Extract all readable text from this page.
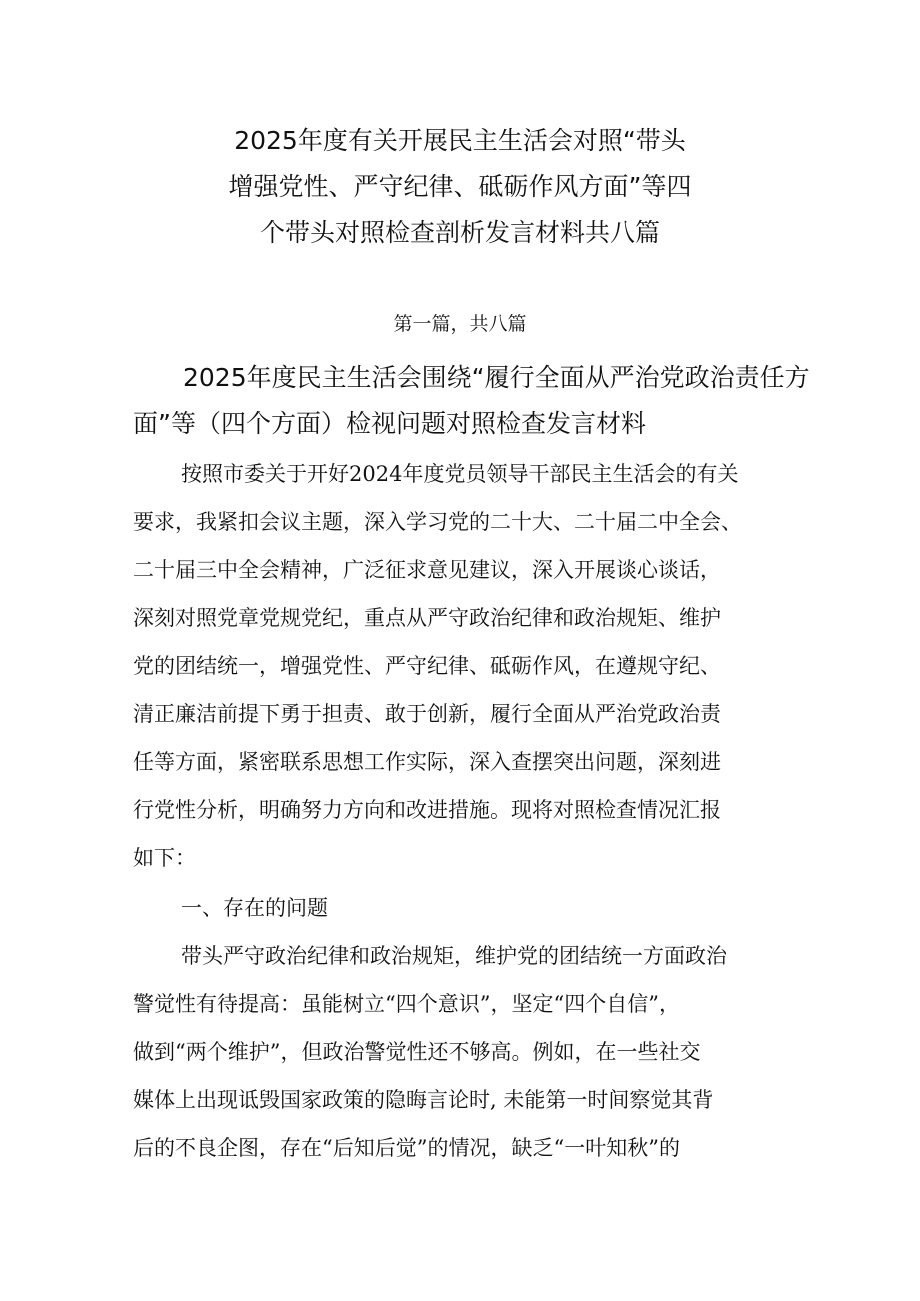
2025年度有关开展民主生活会对照“带头
增强党性、严守纪律、砥砺作风方面”等四
个带头对照检查剖析发言材料共八篇
第一篇，共八篇
2025年度民主生活会围绕“履行全面从严治党政治责任方
面”等（四个方面）检视问题对照检查发言材料
按照市委关于开好2024年度党员领导干部民主生活会的有关
要求，我紧扣会议主题，深入学习党的二十大、二十届二中全会、
二十届三中全会精神，广泛征求意见建议，深入开展谈心谈话，
深刻对照党章党规党纪，重点从严守政治纪律和政治规矩、维护
党的团结统一，增强党性、严守纪律、砥砺作风，在遵规守纪、
清正廉洁前提下勇于担责、敢于创新，履行全面从严治党政治责
任等方面，紧密联系思想工作实际，深入查摆突出问题，深刻进
行党性分析，明确努力方向和改进措施。现将对照检查情况汇报
如下：
一、存在的问题
带头严守政治纪律和政治规矩，维护党的团结统一方面政治
警觉性有待提高：虽能树立“四个意识”，坚定“四个自信”，
做到“两个维护”，但政治警觉性还不够高。例如，在一些社交
媒体上出现诋毁国家政策的隐晦言论时, 未能第一时间察觉其背
后的不良企图，存在“后知后觉”的情况，缺乏“一叶知秋”的
